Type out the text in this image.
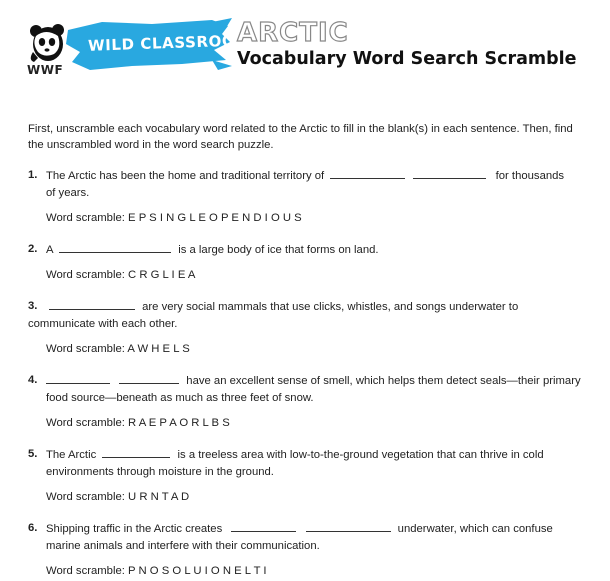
WWF
WILD CLASSROOM
ARCTIC
Vocabulary Word Search Scramble
First, unscramble each vocabulary word related to the Arctic to fill in the blank(s) in each sentence. Then, find the unscrambled word in the word search puzzle.
1. The Arctic has been the home and traditional territory of	for thousands
of years.
Word scramble: E P S I N G L E O P E N D I O U S
2. A	is a large body of ice that forms on land.
Word scramble: C R G L I E A
3.	are very social mammals that use clicks, whistles, and songs underwater to
communicate with each other.
Word scramble: A W H E L S
4.	have an excellent sense of smell, which helps them detect seals—their primary
food source—beneath as much as three feet of snow.
Word scramble: R A E P A O R L B S
5. The Arctic	is a treeless area with low-to-the-ground vegetation that can thrive in cold
environments through moisture in the ground.
Word scramble: U R N T A D
6. Shipping traffic in the Arctic creates	underwater, which can confuse
marine animals and interfere with their communication.
Word scramble: P N O S O L U I O N E L T I
